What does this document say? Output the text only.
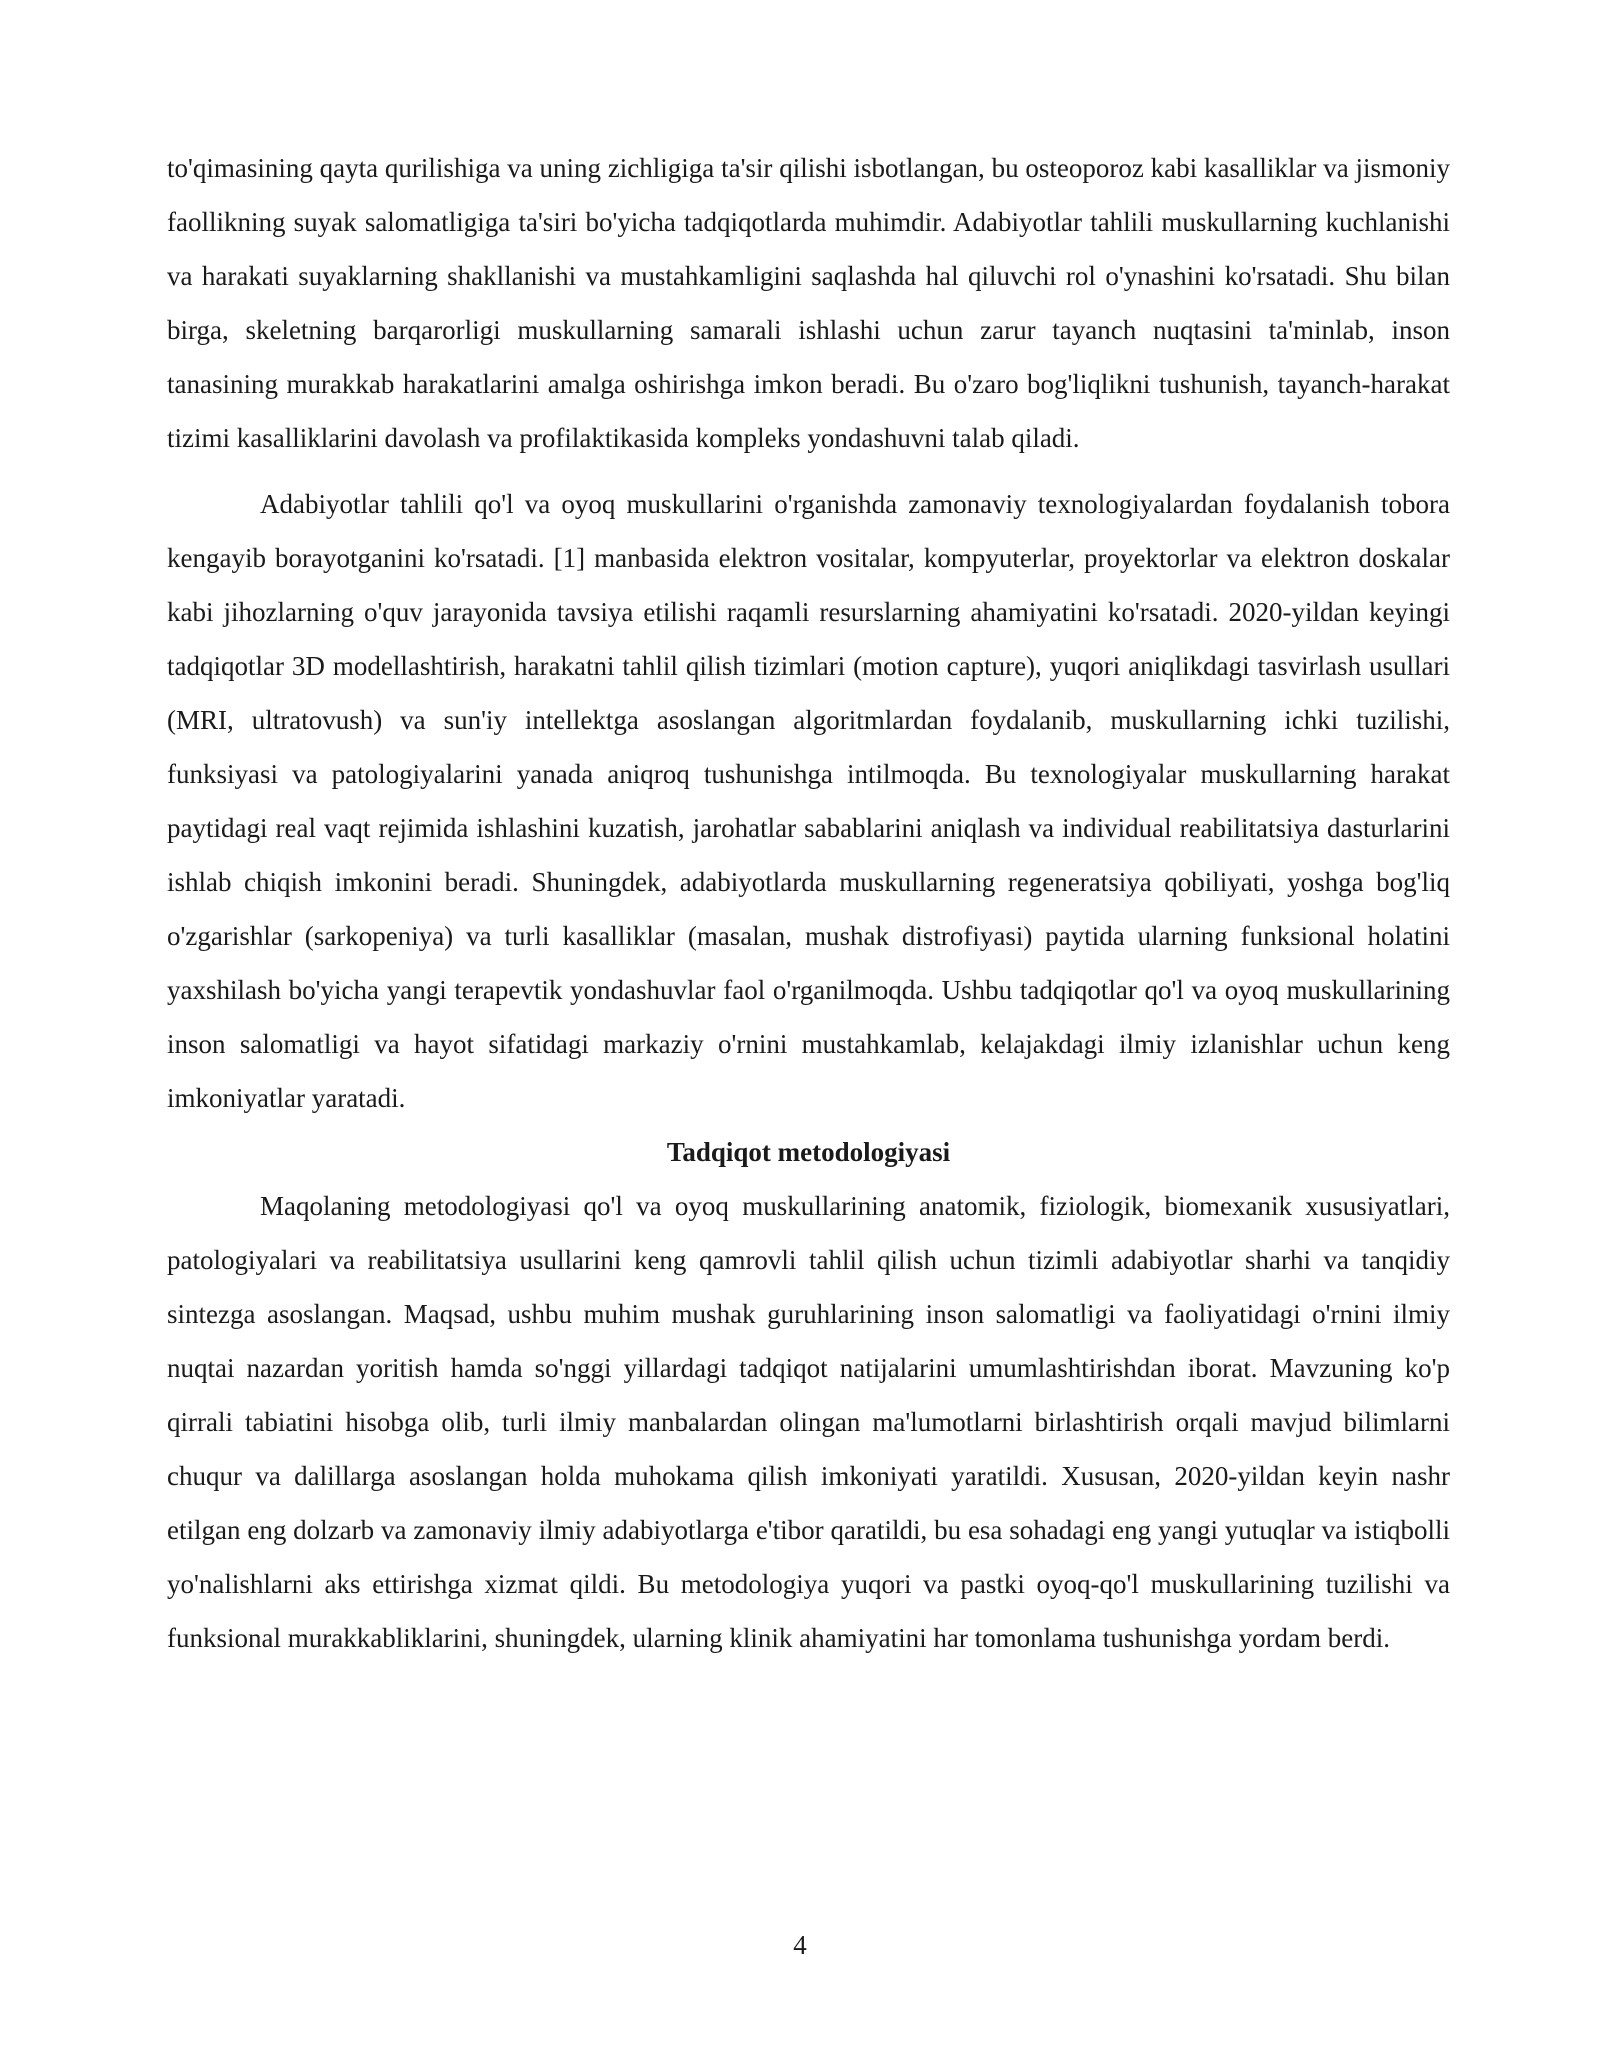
to'qimasining qayta qurilishiga va uning zichligiga ta'sir qilishi isbotlangan, bu osteoporoz kabi kasalliklar va jismoniy faollikning suyak salomatligiga ta'siri bo'yicha tadqiqotlarda muhimdir. Adabiyotlar tahlili muskullarning kuchlanishi va harakati suyaklarning shakllanishi va mustahkamligini saqlashda hal qiluvchi rol o'ynashini ko'rsatadi. Shu bilan birga, skeletning barqarorligi muskullarning samarali ishlashi uchun zarur tayanch nuqtasini ta'minlab, inson tanasining murakkab harakatlarini amalga oshirishga imkon beradi. Bu o'zaro bog'liqlikni tushunish, tayanch-harakat tizimi kasalliklarini davolash va profilaktikasida kompleks yondashuvni talab qiladi.

Adabiyotlar tahlili qo'l va oyoq muskullarini o'rganishda zamonaviy texnologiyalardan foydalanish tobora kengayib borayotganini ko'rsatadi. [1] manbasida elektron vositalar, kompyuterlar, proyektorlar va elektron doskalar kabi jihozlarning o'quv jarayonida tavsiya etilishi raqamli resurslarning ahamiyatini ko'rsatadi. 2020-yildan keyingi tadqiqotlar 3D modellashtirish, harakatni tahlil qilish tizimlari (motion capture), yuqori aniqlikdagi tasvirlash usullari (MRI, ultratovush) va sun'iy intellektga asoslangan algoritmlardan foydalanib, muskullarning ichki tuzilishi, funksiyasi va patologiyalarini yanada aniqroq tushunishga intilmoqda. Bu texnologiyalar muskullarning harakat paytidagi real vaqt rejimida ishlashini kuzatish, jarohatlar sabablarini aniqlash va individual reabilitatsiya dasturlarini ishlab chiqish imkonini beradi. Shuningdek, adabiyotlarda muskullarning regeneratsiya qobiliyati, yoshga bog'liq o'zgarishlar (sarkopeniya) va turli kasalliklar (masalan, mushak distrofiyasi) paytida ularning funksional holatini yaxshilash bo'yicha yangi terapevtik yondashuvlar faol o'rganilmoqda. Ushbu tadqiqotlar qo'l va oyoq muskullarining inson salomatligi va hayot sifatidagi markaziy o'rnini mustahkamlab, kelajakdagi ilmiy izlanishlar uchun keng imkoniyatlar yaratadi.

Tadqiqot metodologiyasi

Maqolaning metodologiyasi qo'l va oyoq muskullarining anatomik, fiziologik, biomexanik xususiyatlari, patologiyalari va reabilitatsiya usullarini keng qamrovli tahlil qilish uchun tizimli adabiyotlar sharhi va tanqidiy sintezga asoslangan. Maqsad, ushbu muhim mushak guruhlarining inson salomatligi va faoliyatidagi o'rnini ilmiy nuqtai nazardan yoritish hamda so'nggi yillardagi tadqiqot natijalarini umumlashtirishdan iborat. Mavzuning ko'p qirrali tabiatini hisobga olib, turli ilmiy manbalardan olingan ma'lumotlarni birlashtirish orqali mavjud bilimlarni chuqur va dalillarga asoslangan holda muhokama qilish imkoniyati yaratildi. Xususan, 2020-yildan keyin nashr etilgan eng dolzarb va zamonaviy ilmiy adabiyotlarga e'tibor qaratildi, bu esa sohadagi eng yangi yutuqlar va istiqbolli yo'nalishlarni aks ettirishga xizmat qildi. Bu metodologiya yuqori va pastki oyoq-qo'l muskullarining tuzilishi va funksional murakkabliklarini, shuningdek, ularning klinik ahamiyatini har tomonlama tushunishga yordam berdi.

4
